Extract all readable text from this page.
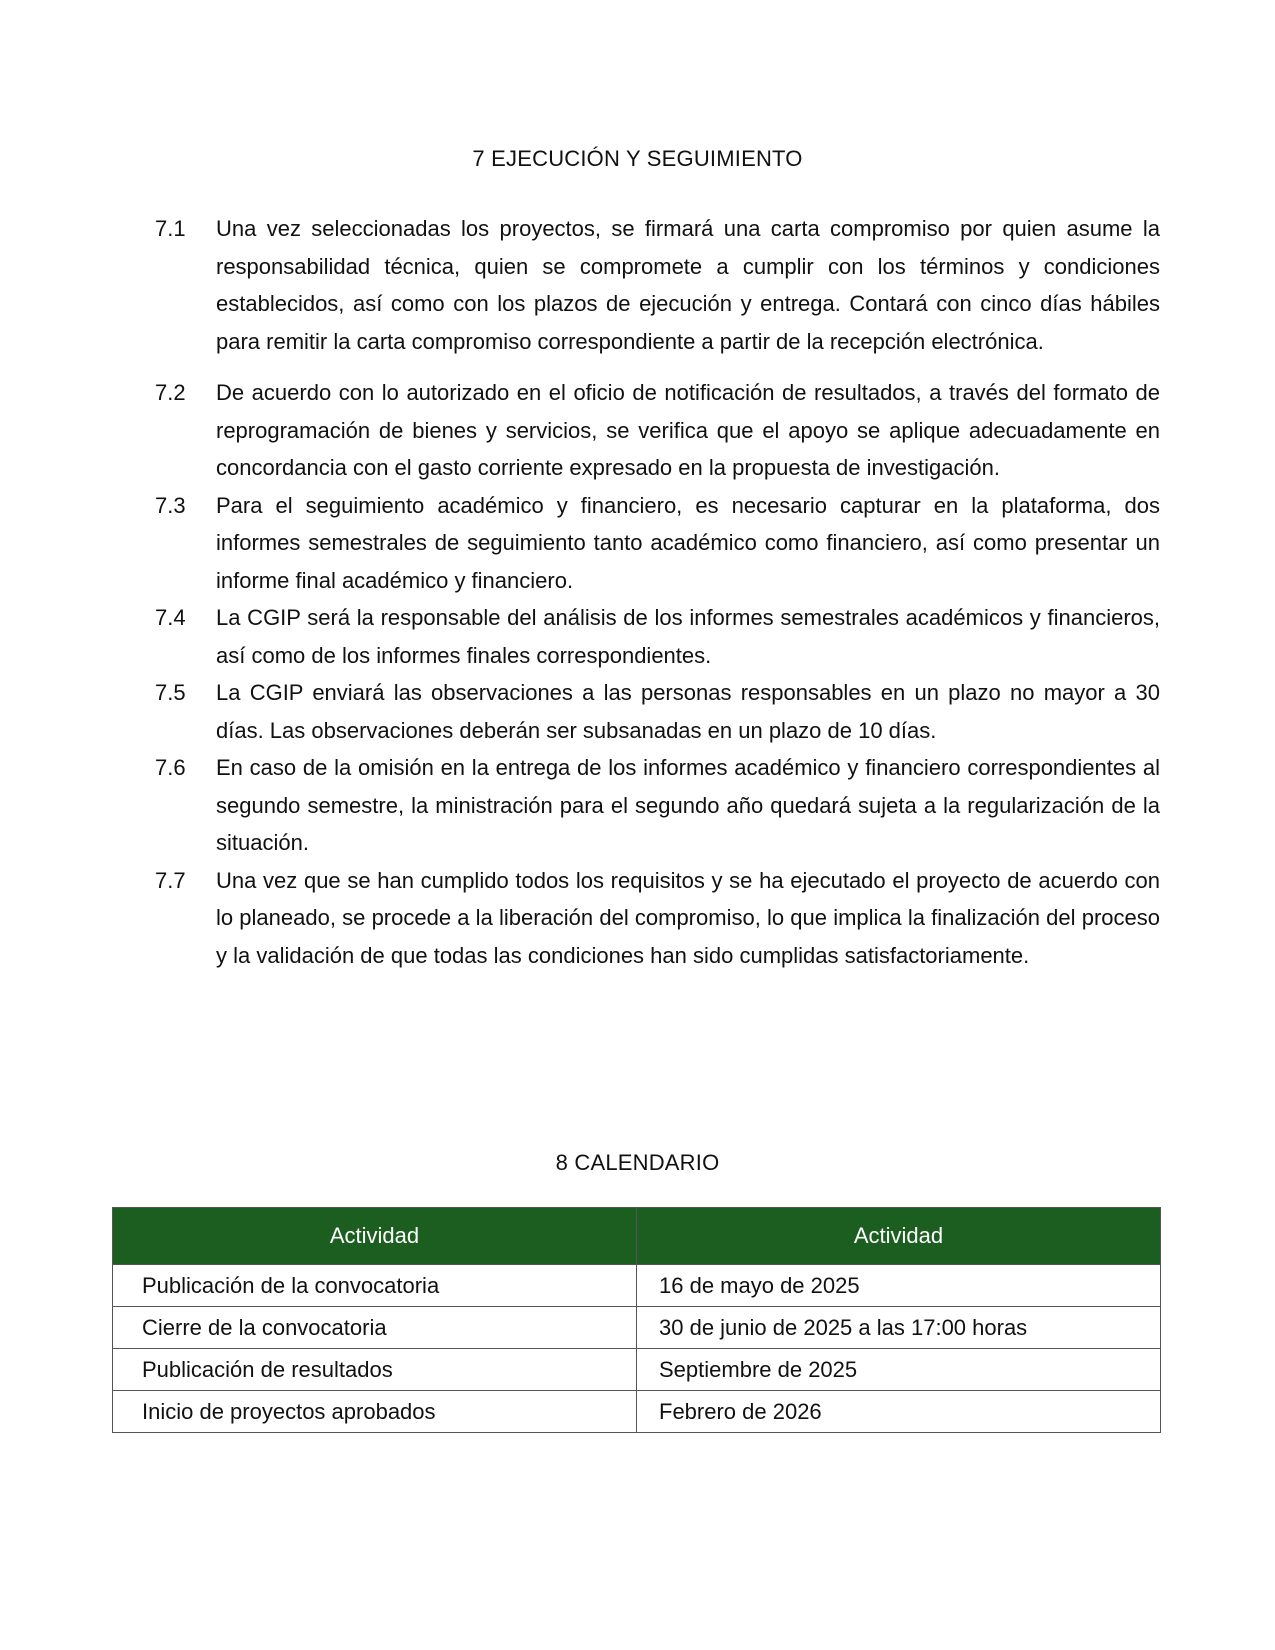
7 EJECUCIÓN Y SEGUIMIENTO
7.1	Una vez seleccionadas los proyectos, se firmará una carta compromiso por quien asume la responsabilidad técnica, quien se compromete a cumplir con los términos y condiciones establecidos, así como con los plazos de ejecución y entrega. Contará con cinco días hábiles para remitir la carta compromiso correspondiente a partir de la recepción electrónica.
7.2	De acuerdo con lo autorizado en el oficio de notificación de resultados, a través del formato de reprogramación de bienes y servicios, se verifica que el apoyo se aplique adecuadamente en concordancia con el gasto corriente expresado en la propuesta de investigación.
7.3	Para el seguimiento académico y financiero, es necesario capturar en la plataforma, dos informes semestrales de seguimiento tanto académico como financiero, así como presentar un informe final académico y financiero.
7.4	La CGIP será la responsable del análisis de los informes semestrales académicos y financieros, así como de los informes finales correspondientes.
7.5	La CGIP enviará las observaciones a las personas responsables en un plazo no mayor a 30 días. Las observaciones deberán ser subsanadas en un plazo de 10 días.
7.6	En caso de la omisión en la entrega de los informes académico y financiero correspondientes al segundo semestre, la ministración para el segundo año quedará sujeta a la regularización de la situación.
7.7	Una vez que se han cumplido todos los requisitos y se ha ejecutado el proyecto de acuerdo con lo planeado, se procede a la liberación del compromiso, lo que implica la finalización del proceso y la validación de que todas las condiciones han sido cumplidas satisfactoriamente.
8 CALENDARIO
Actividad	Actividad
Publicación de la convocatoria	16 de mayo de 2025
Cierre de la convocatoria	30 de junio de 2025 a las 17:00 horas
Publicación de resultados	Septiembre de 2025
Inicio de proyectos aprobados	Febrero de 2026
